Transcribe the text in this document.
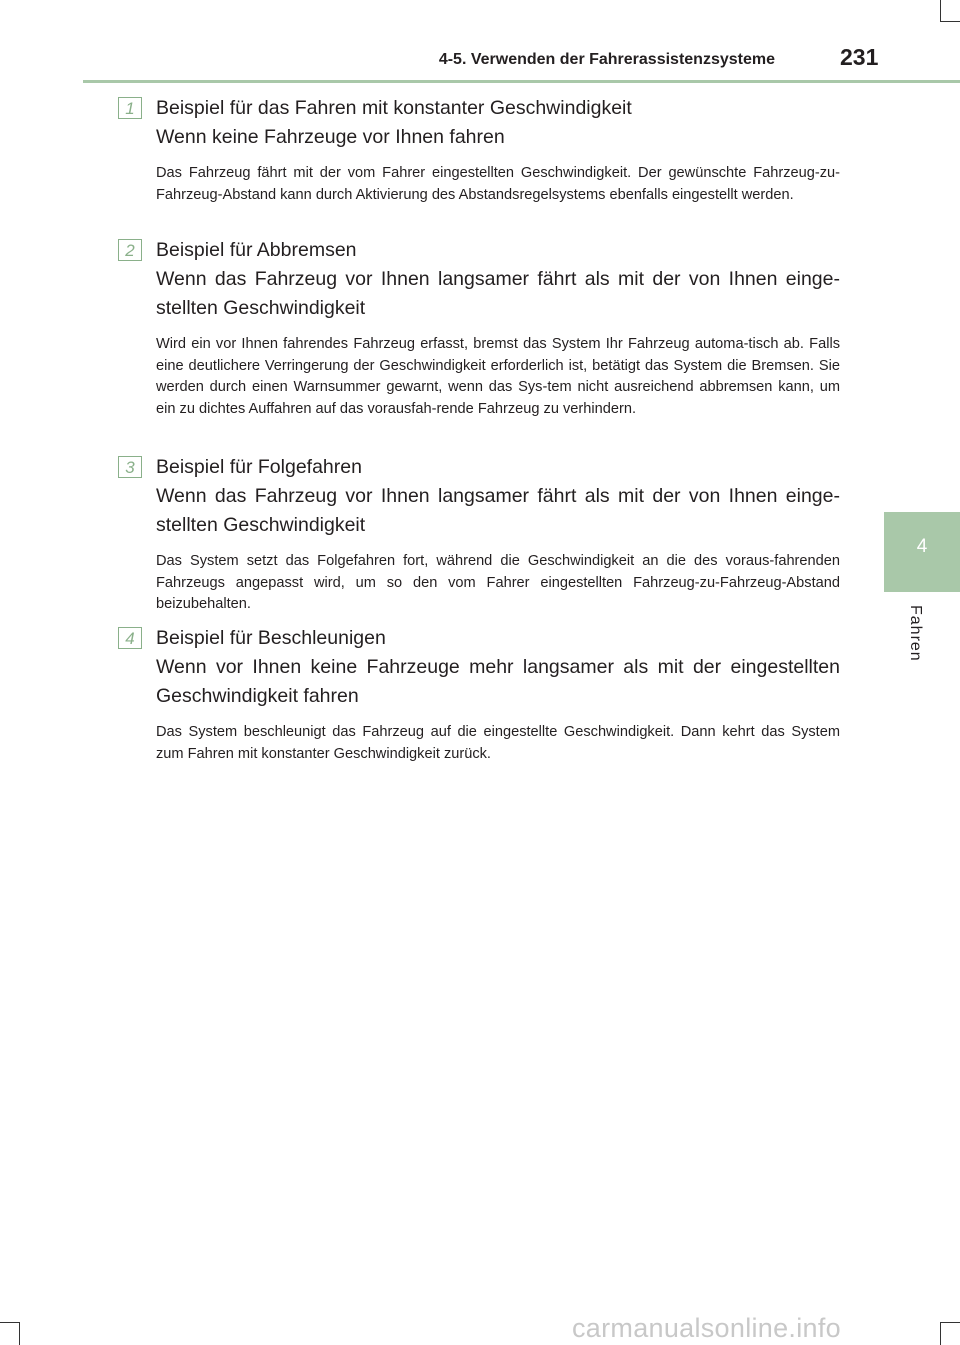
4-5. Verwenden der Fahrerassistenzsysteme	231
4
Fahren
1	Beispiel für das Fahren mit konstanter Geschwindigkeit
Wenn keine Fahrzeuge vor Ihnen fahren
Das Fahrzeug fährt mit der vom Fahrer eingestellten Geschwindigkeit. Der gewünschte Fahrzeug-zu-Fahrzeug-Abstand kann durch Aktivierung des Abstandsregelsystems ebenfalls eingestellt werden.
2	Beispiel für Abbremsen
Wenn das Fahrzeug vor Ihnen langsamer fährt als mit der von Ihnen einge-stellten Geschwindigkeit
Wird ein vor Ihnen fahrendes Fahrzeug erfasst, bremst das System Ihr Fahrzeug automa-tisch ab. Falls eine deutlichere Verringerung der Geschwindigkeit erforderlich ist, betätigt das System die Bremsen. Sie werden durch einen Warnsummer gewarnt, wenn das Sys-tem nicht ausreichend abbremsen kann, um ein zu dichtes Auffahren auf das vorausfah-rende Fahrzeug zu verhindern.
3	Beispiel für Folgefahren
Wenn das Fahrzeug vor Ihnen langsamer fährt als mit der von Ihnen einge-stellten Geschwindigkeit
Das System setzt das Folgefahren fort, während die Geschwindigkeit an die des voraus-fahrenden Fahrzeugs angepasst wird, um so den vom Fahrer eingestellten Fahrzeug-zu-Fahrzeug-Abstand beizubehalten.
4	Beispiel für Beschleunigen
Wenn vor Ihnen keine Fahrzeuge mehr langsamer als mit der eingestellten Geschwindigkeit fahren
Das System beschleunigt das Fahrzeug auf die eingestellte Geschwindigkeit. Dann kehrt das System zum Fahren mit konstanter Geschwindigkeit zurück.
carmanualsonline.info
